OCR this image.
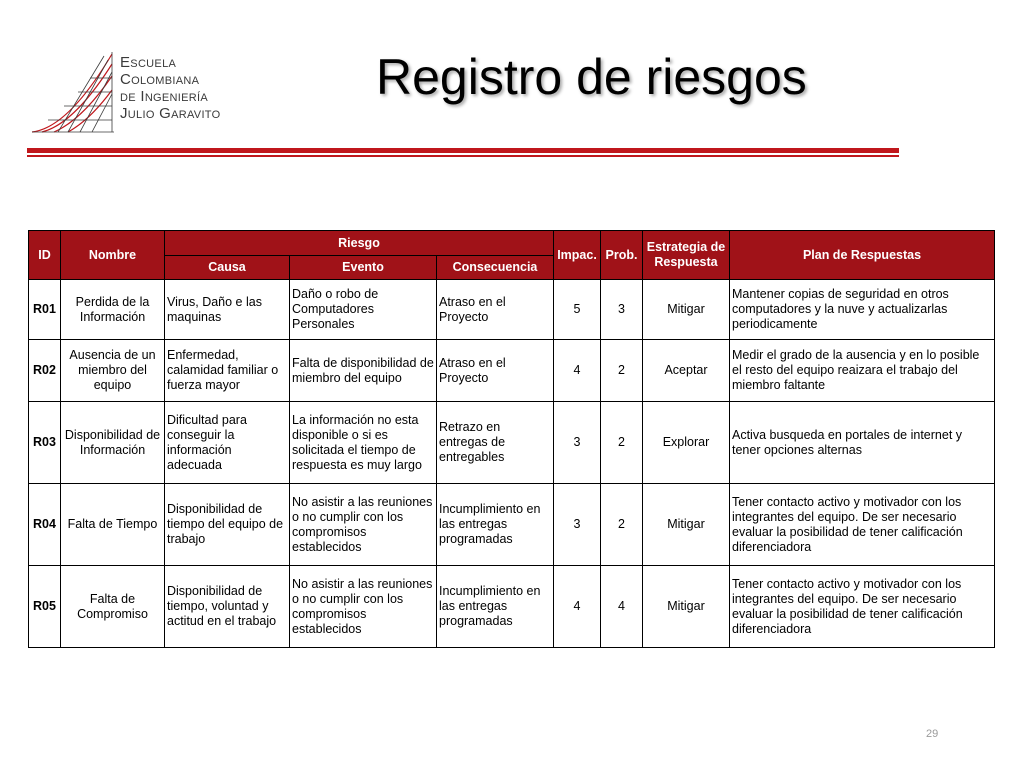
Escuela
Colombiana
de Ingeniería
Julio Garavito
Registro de riesgos
ID	Nombre	Riesgo			Impac.	Prob.	Estrategia de Respuesta	Plan de Respuestas
		Causa	Evento	Consecuencia				
R01	Perdida de la Información	Virus, Daño e las maquinas	Daño o robo de Computadores Personales	Atraso en el Proyecto	5	3	Mitigar	Mantener copias de seguridad en otros computadores y la nuve y actualizarlas periodicamente
R02	Ausencia de un miembro del equipo	Enfermedad, calamidad familiar o fuerza mayor	Falta de disponibilidad de miembro del equipo	Atraso en el Proyecto	4	2	Aceptar	Medir el grado de la ausencia y en lo posible el resto del equipo reaizara el trabajo del miembro faltante
R03	Disponibilidad de Información	Dificultad para conseguir la información adecuada	La información no esta disponible o si es solicitada el tiempo de respuesta es muy largo	Retrazo en entregas de entregables	3	2	Explorar	Activa busqueda en portales de internet y tener opciones alternas
R04	Falta de Tiempo	Disponibilidad de tiempo del equipo de trabajo	No asistir a las reuniones o no cumplir con los compromisos establecidos	Incumplimiento en las entregas programadas	3	2	Mitigar	Tener contacto activo y motivador con los integrantes del equipo. De ser necesario evaluar la posibilidad de tener calificación diferenciadora
R05	Falta de Compromiso	Disponibilidad de tiempo, voluntad y actitud en el trabajo	No asistir a las reuniones o no cumplir con los compromisos establecidos	Incumplimiento en las entregas programadas	4	4	Mitigar	Tener contacto activo y motivador con los integrantes del equipo. De ser necesario evaluar la posibilidad de tener calificación diferenciadora
29
